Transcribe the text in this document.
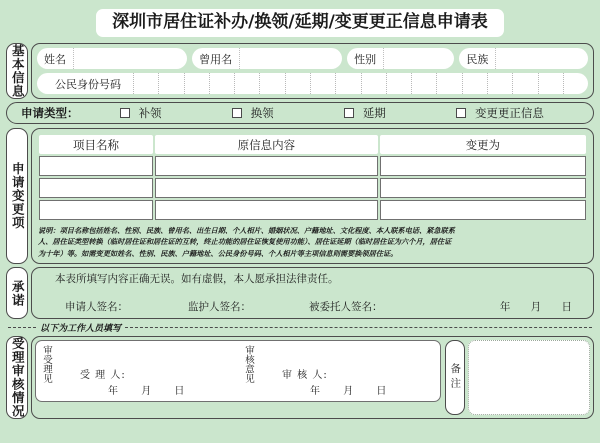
深圳市居住证补办/换领/延期/变更更正信息申请表
基本信息	姓名	曾用名	性别	民族
公民身份号码
申请类型：	补领	换领	延期	变更更正信息
申请变更项
项目名称	原信息内容	变更为

说明：项目名称包括姓名、性别、民族、曾用名、出生日期、个人相片、婚姻状况、户籍地址、文化程度、本人联系电话、紧急联系

人、居住证类型转换（临时居住证和居住证的互转，终止功能的居住证恢复使用功能）、居住证延期（临时居住证为六个月，居住证

为十年）等。如需变更如姓名、性别、民族、户籍地址、公民身份号码、个人相片等主项信息则需要换领居住证。

承诺
本表所填写内容正确无误。如有虚假，本人愿承担法律责任。
申请人签名：	监护人签名：	被委托人签名：	年 月 日
以下为工作人员填写
受理审核情况 审受理见	受 理 人:
年 月 日
审核意见	审 核 人:
年 月 日	备注
